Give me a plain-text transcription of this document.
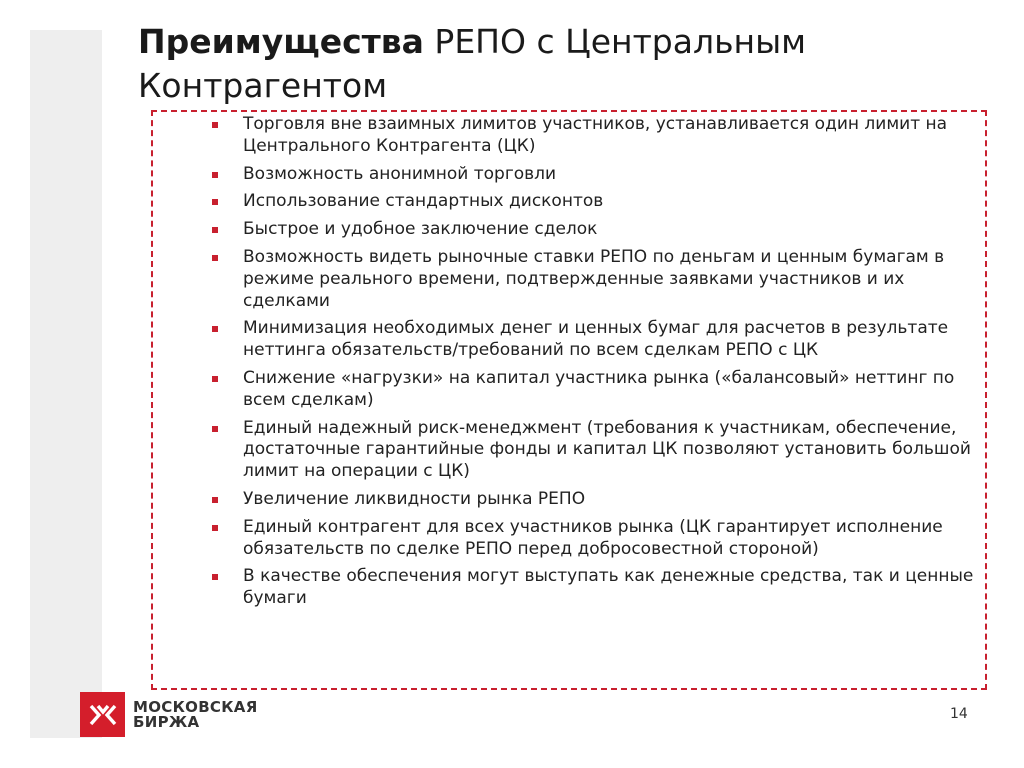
Преимущества РЕПО с Центральным Контрагентом
Торговля вне взаимных лимитов участников, устанавливается один лимит на Центрального Контрагента (ЦК)
Возможность анонимной торговли
Использование стандартных дисконтов
Быстрое и удобное заключение сделок
Возможность видеть рыночные ставки РЕПО по деньгам и ценным бумагам в режиме реального времени, подтвержденные заявками участников и их сделками
Минимизация необходимых денег и ценных бумаг для расчетов в результате неттинга обязательств/требований по всем сделкам РЕПО с ЦК
Снижение «нагрузки» на капитал участника рынка («балансовый» неттинг по всем сделкам)
Единый надежный риск-менеджмент (требования к участникам, обеспечение, достаточные гарантийные фонды и капитал ЦК позволяют установить большой лимит на операции с ЦК)
Увеличение ликвидности рынка РЕПО
Единый контрагент для всех участников рынка (ЦК гарантирует исполнение обязательств по сделке РЕПО перед добросовестной стороной)
В качестве обеспечения могут выступать как денежные средства, так и ценные бумаги
МОСКОВСКАЯ
БИРЖА	14
